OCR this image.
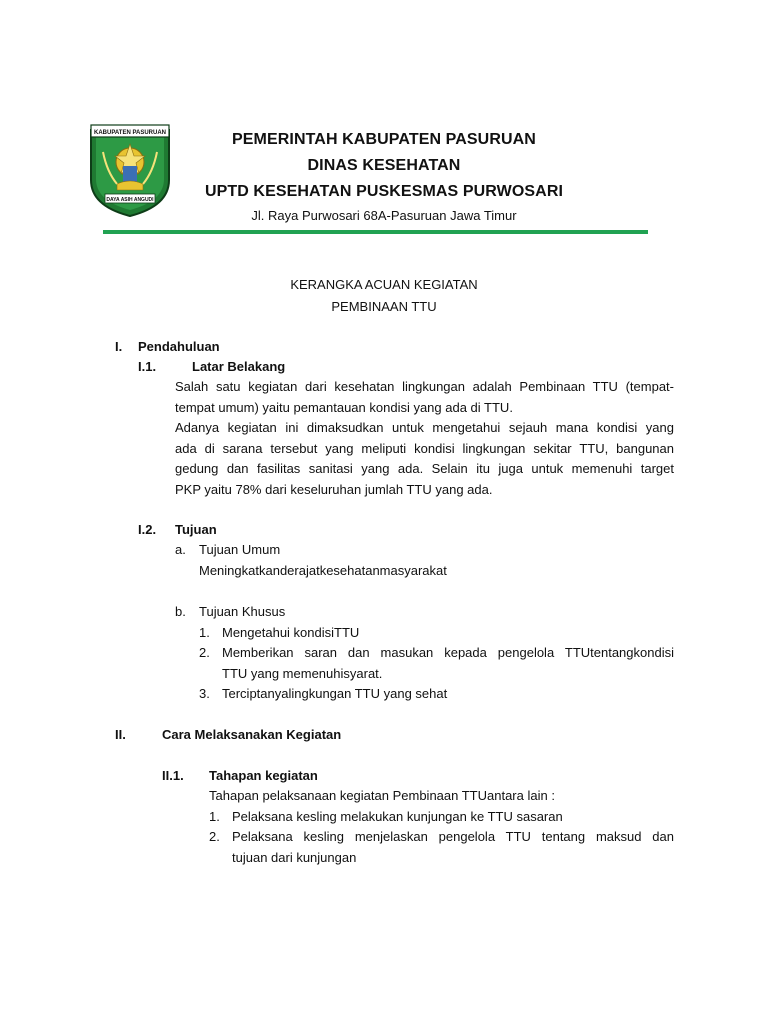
KABUPATEN PASURUAN
DAYA ASIH ANGUDI
PEMERINTAH KABUPATEN PASURUAN
DINAS KESEHATAN
UPTD KESEHATAN PUSKESMAS PURWOSARI
Jl. Raya Purwosari 68A-Pasuruan Jawa Timur
KERANGKA ACUAN KEGIATAN
PEMBINAAN TTU
I. Pendahuluan
I.1.	Latar Belakang
Salah satu kegiatan dari kesehatan lingkungan adalah Pembinaan TTU (tempat-
tempat umum) yaitu pemantauan kondisi yang ada di TTU.
Adanya kegiatan ini dimaksudkan untuk mengetahui sejauh mana kondisi yang
ada di sarana tersebut yang meliputi kondisi lingkungan sekitar TTU, bangunan
gedung dan fasilitas sanitasi yang ada. Selain itu juga untuk memenuhi target
PKP yaitu 78% dari keseluruhan jumlah TTU yang ada.
I.2. Tujuan
a. Tujuan Umum
Meningkatkanderajatkesehatanmasyarakat
b. Tujuan Khusus
1. Mengetahui kondisiTTU
2. Memberikan saran dan masukan kepada pengelola TTUtentangkondisi
TTU yang memenuhisyarat.
3. Terciptanyalingkungan TTU yang sehat
II.	Cara Melaksanakan Kegiatan
II.1. Tahapan kegiatan
Tahapan pelaksanaan kegiatan Pembinaan TTUantara lain :
1. Pelaksana kesling melakukan kunjungan ke TTU sasaran
2. Pelaksana kesling menjelaskan pengelola TTU tentang maksud dan
tujuan dari kunjungan
